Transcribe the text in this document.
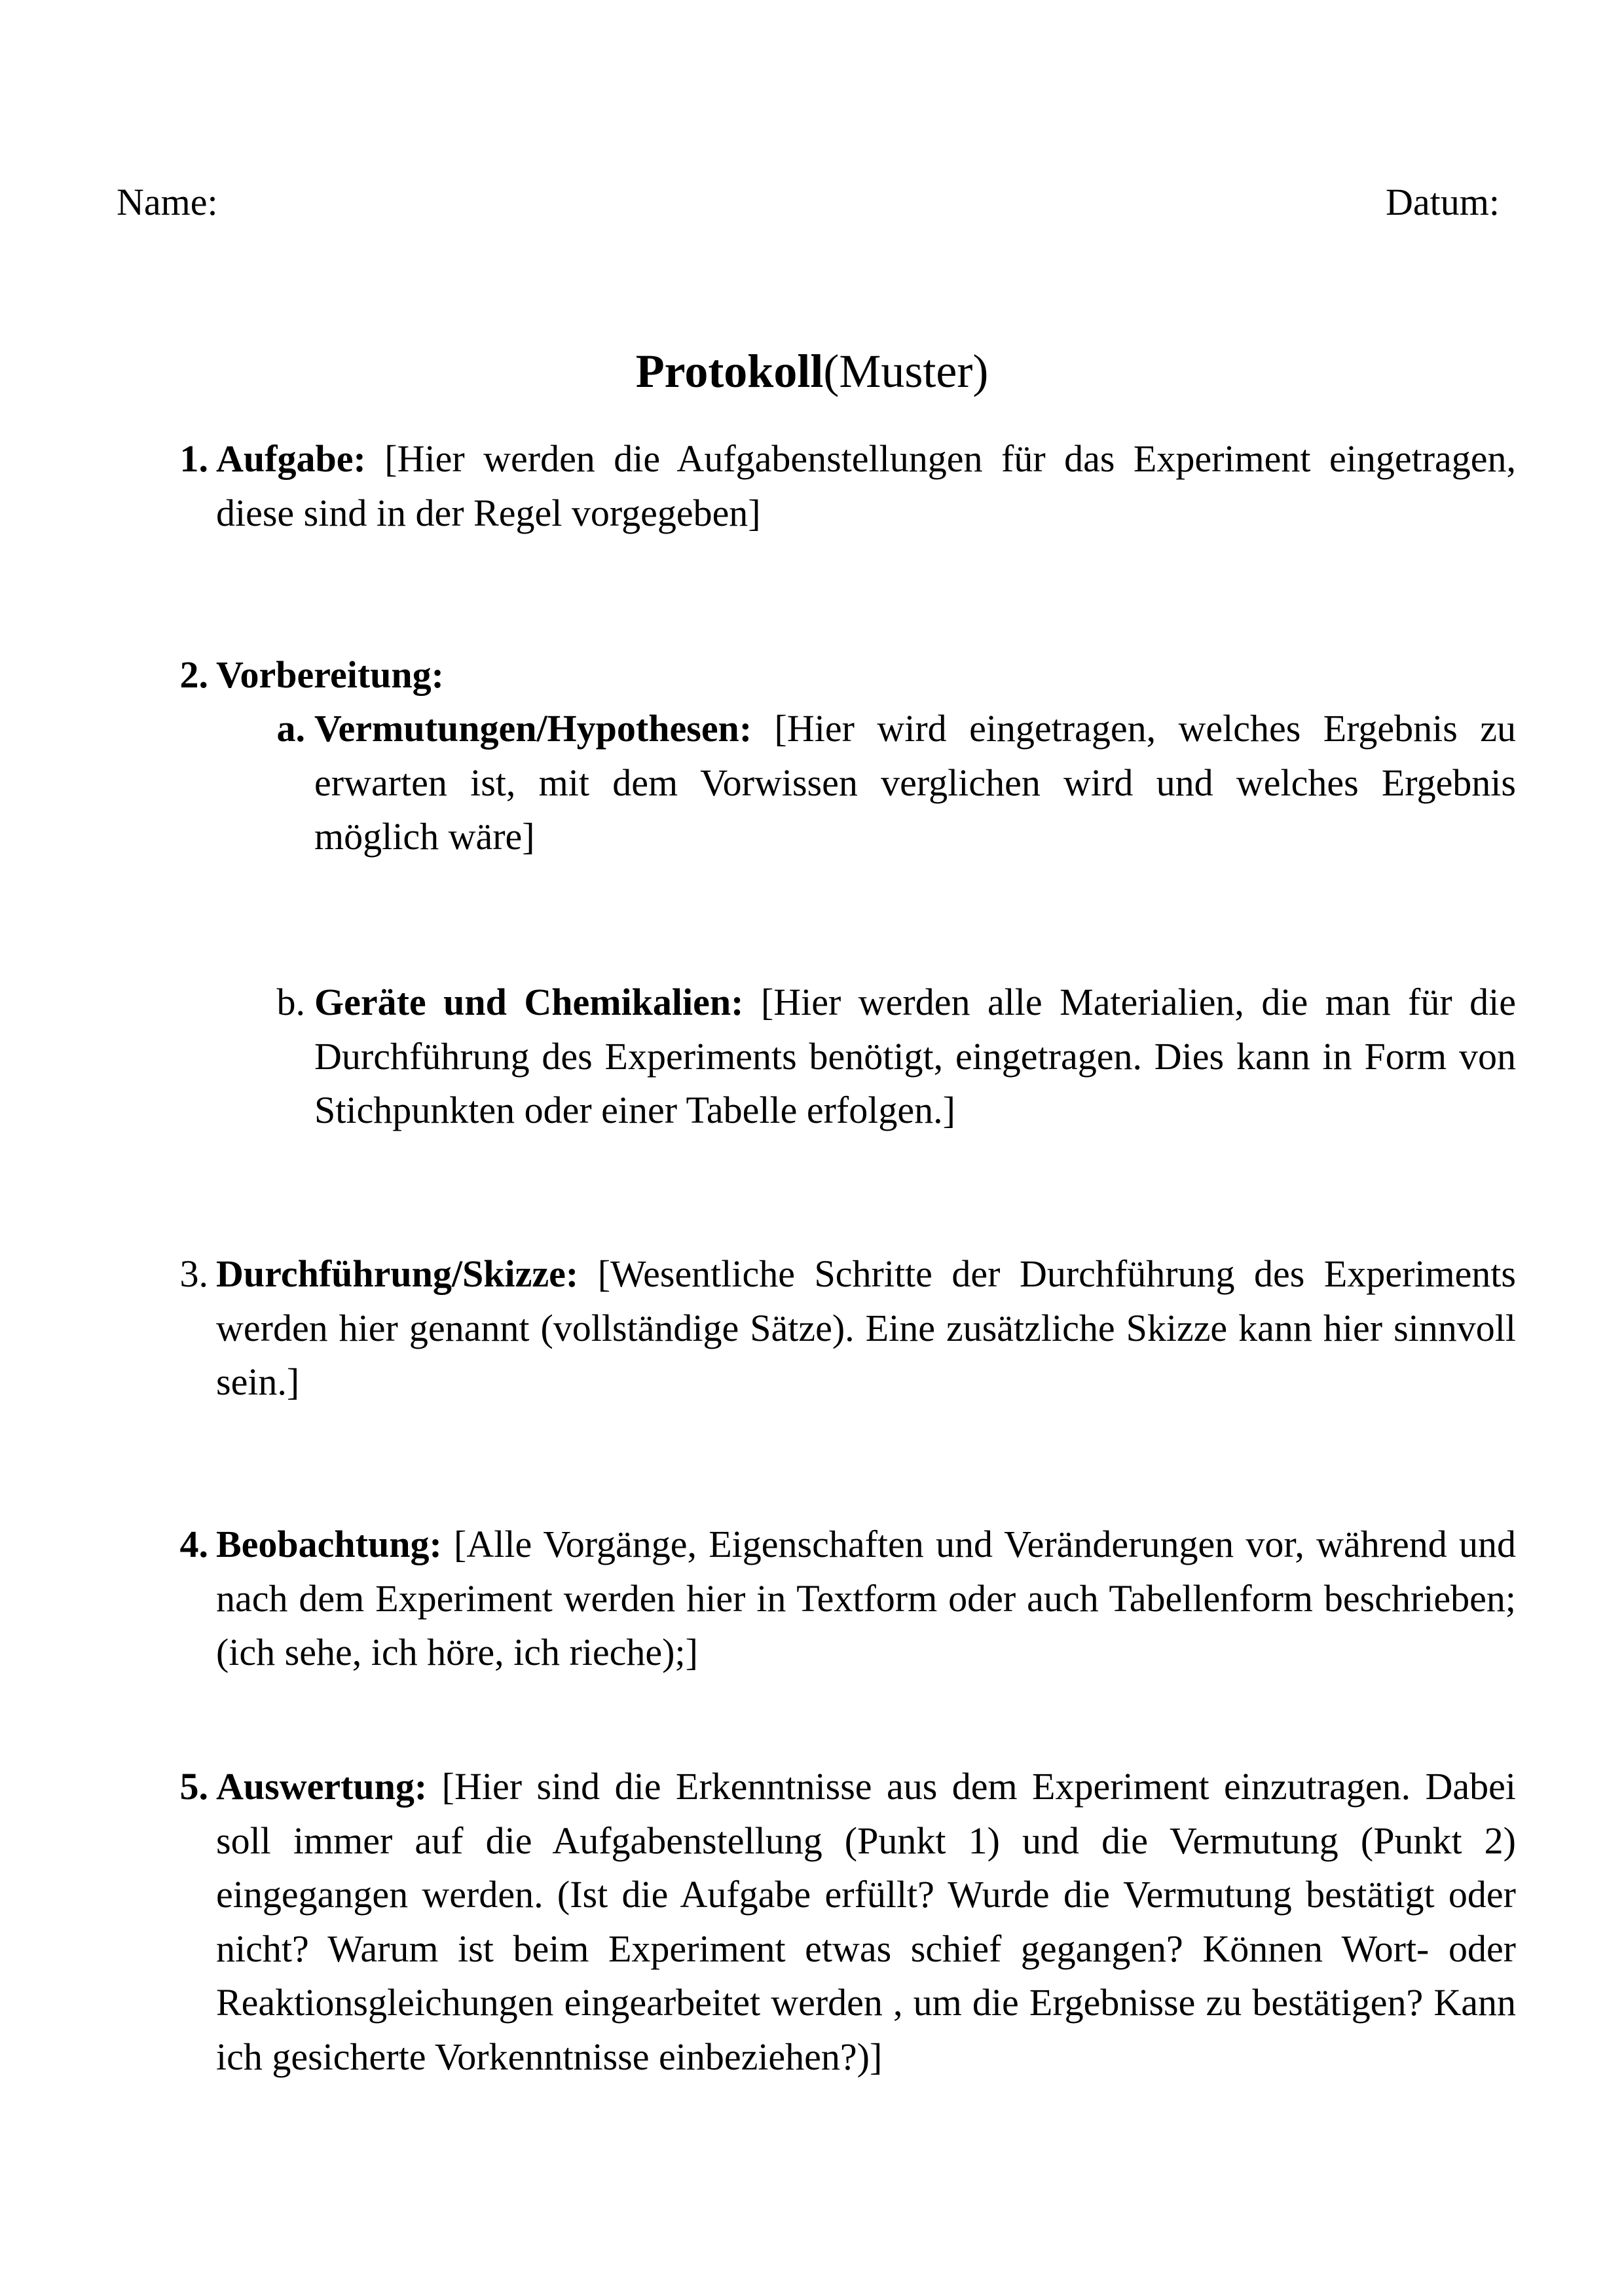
Name:	Datum:
Protokoll(Muster)
1. Aufgabe: [Hier werden die Aufgabenstellungen für das Experiment eingetragen, diese sind in der Regel vorgegeben]
2. Vorbereitung:
a. Vermutungen/Hypothesen: [Hier wird eingetragen, welches Ergebnis zu erwarten ist, mit dem Vorwissen verglichen wird und welches Ergebnis möglich wäre]
b. Geräte und Chemikalien: [Hier werden alle Materialien, die man für die Durchführung des Experiments benötigt, eingetragen. Dies kann in Form von Stichpunkten oder einer Tabelle erfolgen.]
3. Durchführung/Skizze: [Wesentliche Schritte der Durchführung des Experiments werden hier genannt (vollständige Sätze). Eine zusätzliche Skizze kann hier sinnvoll sein.]
4. Beobachtung: [Alle Vorgänge, Eigenschaften und Veränderungen vor, während und nach dem Experiment werden hier in Textform oder auch Tabellenform beschrieben; (ich sehe, ich höre, ich rieche);]
5. Auswertung: [Hier sind die Erkenntnisse aus dem Experiment einzutragen. Dabei soll immer auf die Aufgabenstellung (Punkt 1) und die Vermutung (Punkt 2) eingegangen werden. (Ist die Aufgabe erfüllt? Wurde die Vermutung bestätigt oder nicht? Warum ist beim Experiment etwas schief gegangen? Können Wort- oder Reaktionsgleichungen eingearbeitet werden , um die Ergebnisse zu bestätigen? Kann ich gesicherte Vorkenntnisse einbeziehen?)]
